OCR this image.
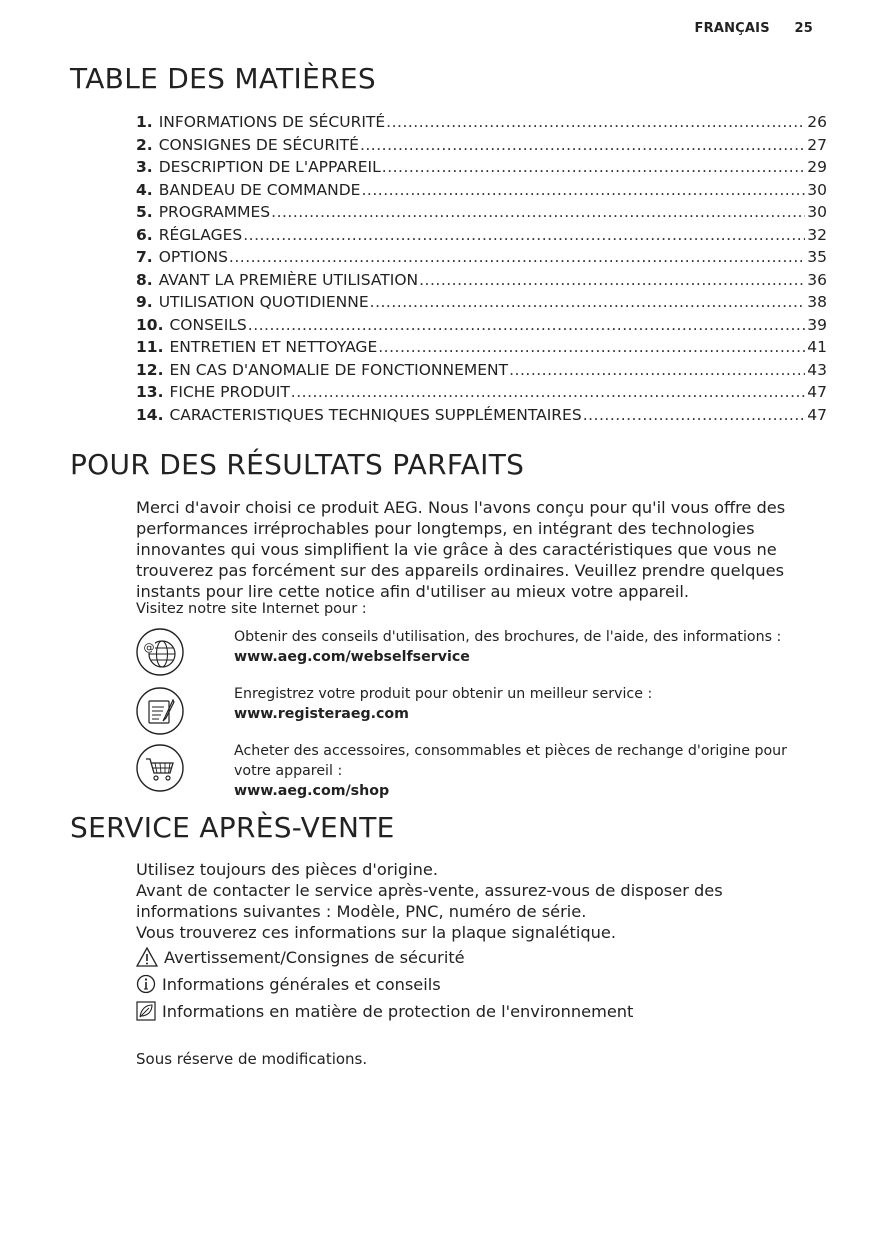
FRANÇAIS 25
TABLE DES MATIÈRES
1. INFORMATIONS DE SÉCURITÉ .....	26
2. CONSIGNES DE SÉCURITÉ .....	27
3. DESCRIPTION DE L'APPAREIL .....	29
4. BANDEAU DE COMMANDE .....	30
5. PROGRAMMES .....	30
6. RÉGLAGES .....	32
7. OPTIONS .....	35
8. AVANT LA PREMIÈRE UTILISATION .....	36
9. UTILISATION QUOTIDIENNE .....	38
10. CONSEILS .....	39
11. ENTRETIEN ET NETTOYAGE .....	41
12. EN CAS D'ANOMALIE DE FONCTIONNEMENT .....	43
13. FICHE PRODUIT .....	47
14. CARACTERISTIQUES TECHNIQUES SUPPLÉMENTAIRES .....	47
POUR DES RÉSULTATS PARFAITS
Merci d'avoir choisi ce produit AEG. Nous l'avons conçu pour qu'il vous offre des performances irréprochables pour longtemps, en intégrant des technologies innovantes qui vous simplifient la vie grâce à des caractéristiques que vous ne trouverez pas forcément sur des appareils ordinaires. Veuillez prendre quelques instants pour lire cette notice afin d'utiliser au mieux votre appareil.
Visitez notre site Internet pour :
@
Obtenir des conseils d'utilisation, des brochures, de l'aide, des informations :
www.aeg.com/webselfservice
Enregistrez votre produit pour obtenir un meilleur service :
www.registeraeg.com
Acheter des accessoires, consommables et pièces de rechange d'origine pour votre appareil :
www.aeg.com/shop
SERVICE APRÈS-VENTE
Utilisez toujours des pièces d'origine.
Avant de contacter le service après-vente, assurez-vous de disposer des informations suivantes : Modèle, PNC, numéro de série.
Vous trouverez ces informations sur la plaque signalétique.
Avertissement/Consignes de sécurité
Informations générales et conseils
Informations en matière de protection de l'environnement
Sous réserve de modifications.
